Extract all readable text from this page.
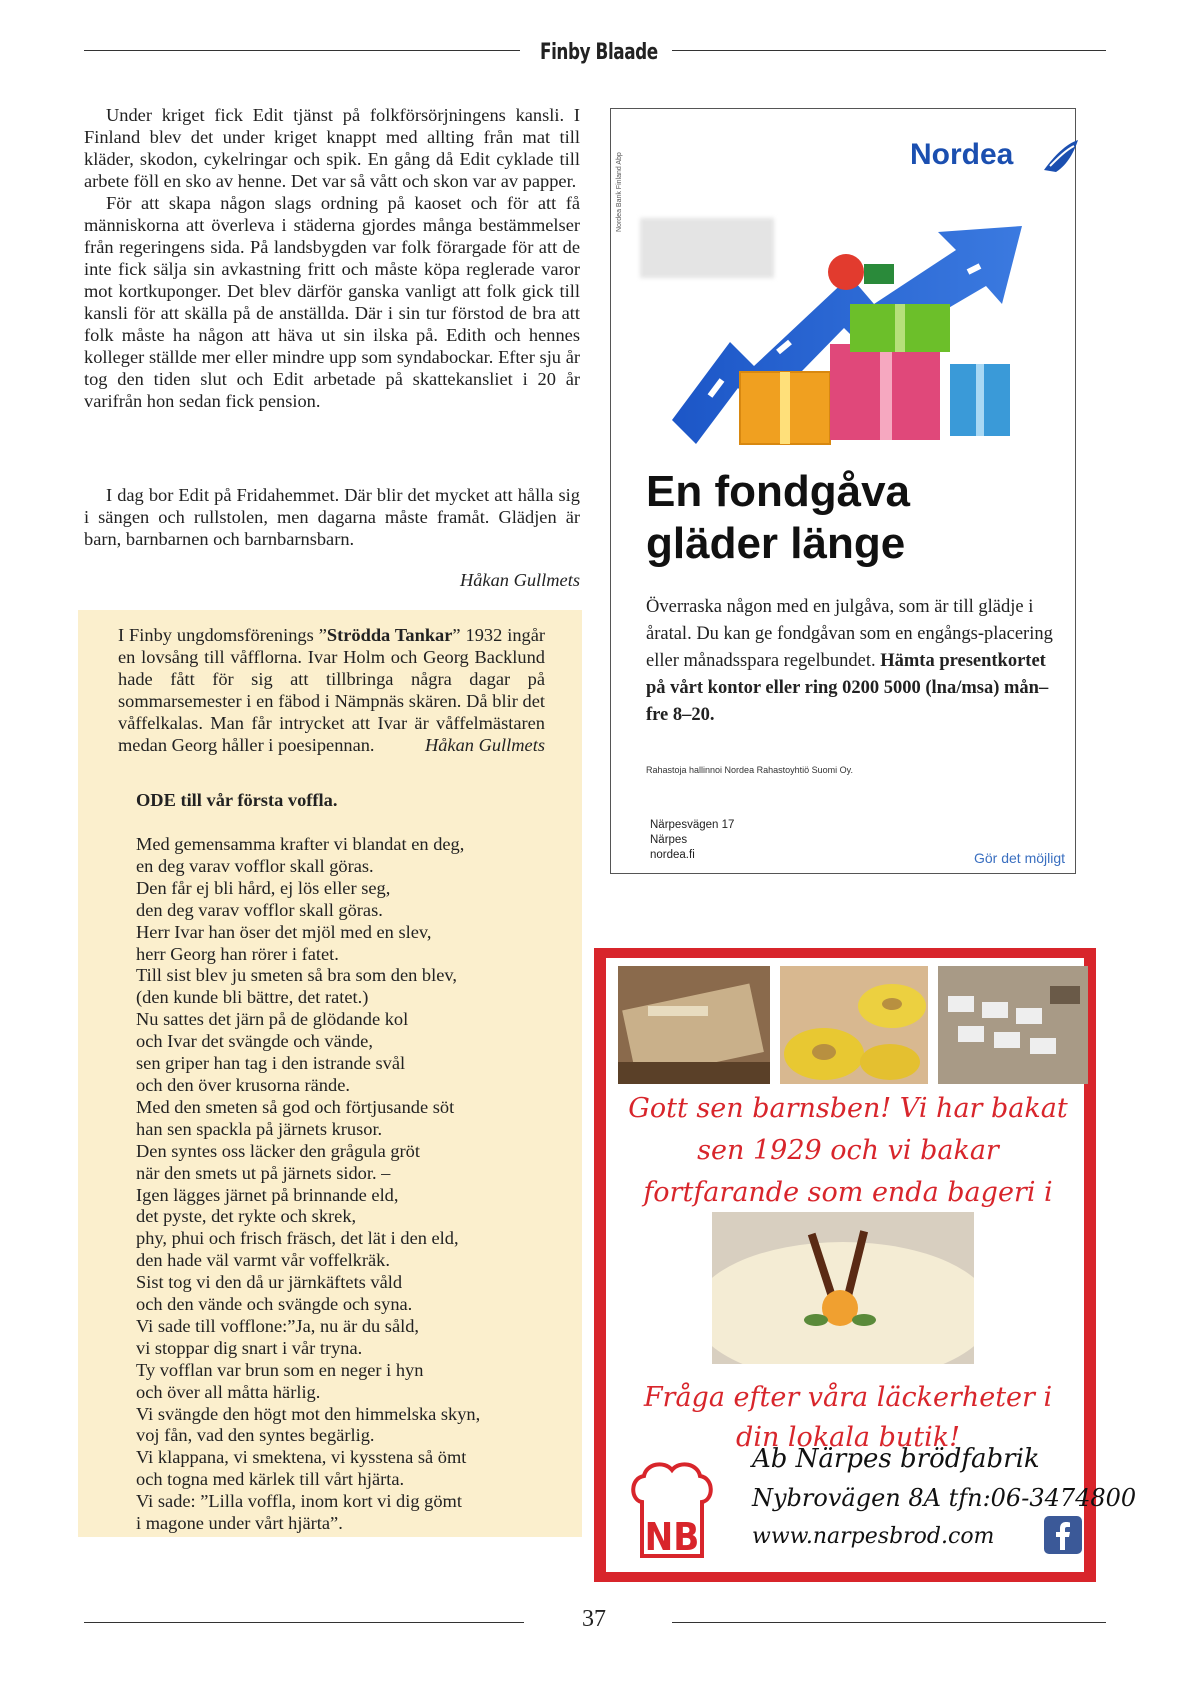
Finby Blaade

Under kriget fick Edit tjänst på folkförsörjningens kansli. I Finland blev det under kriget knappt med allting från mat till kläder, skodon, cykelringar och spik. En gång då Edit cyklade till arbete föll en sko av henne. Det var så vått och skon var av papper.

För att skapa någon slags ordning på kaoset och för att få människorna att överleva i städerna gjordes många bestämmelser från regeringens sida. På landsbygden var folk förargade för att de inte fick sälja sin avkastning fritt och måste köpa reglerade varor mot kortkuponger. Det blev därför ganska vanligt att folk gick till kansli för att skälla på de anställda. Där i sin tur förstod de bra att folk måste ha någon att häva ut sin ilska på. Edith och hennes kolleger ställde mer eller mindre upp som syndabockar. Efter sju år tog den tiden slut och Edit arbetade på skattekansliet i 20 år varifrån hon sedan fick pension.

I dag bor Edit på Fridahemmet. Där blir det mycket att hålla sig i sängen och rullstolen, men dagarna måste framåt. Glädjen är barn, barnbarnen och barnbarnsbarn.

Håkan Gullmets
I Finby ungdomsförenings ”Strödda Tankar” 1932 ingår en lovsång till våfflorna. Ivar Holm och Georg Backlund hade fått för sig att tillbringa några dagar på sommarsemester i en fäbod i Nämpnäs skären. Då blir det våffelkalas. Man får intrycket att Ivar är våffelmästaren medan Georg håller i poesipennan.	Håkan Gullmets
ODE till vår första voffla.
Med gemensamma krafter vi blandat en deg,
en deg varav vofflor skall göras.
Den får ej bli hård, ej lös eller seg,
den deg varav vofflor skall göras.
Herr Ivar han öser det mjöl med en slev,
herr Georg han rörer i fatet.
Till sist blev ju smeten så bra som den blev,
(den kunde bli bättre, det ratet.)
Nu sattes det järn på de glödande kol
och Ivar det svängde och vände,
sen griper han tag i den istrande svål
och den över krusorna rände.
Med den smeten så god och förtjusande söt
han sen spackla på järnets krusor.
Den syntes oss läcker den grågula gröt
när den smets ut på järnets sidor. –
Igen lägges järnet på brinnande eld,
det pyste, det rykte och skrek,
phy, phui och frisch fräsch, det lät i den eld,
den hade väl varmt vår voffelkräk.
Sist tog vi den då ur järnkäftets våld
och den vände och svängde och syna.
Vi sade till vofflone:”Ja, nu är du såld,
vi stoppar dig snart i vår tryna.
Ty vofflan var brun som en neger i hyn
och över all måtta härlig.
Vi svängde den högt mot den himmelska skyn,
voj fån, vad den syntes begärlig.
Vi klappana, vi smektena, vi kysstena så ömt
och togna med kärlek till vårt hjärta.
Vi sade: ”Lilla voffla, inom kort vi dig gömt
i magone under vårt hjärta”.
Nordea Bank Finland Abp	Nordea
En fondgåva
gläder länge
Överraska någon med en julgåva, som är till glädje i åratal. Du kan ge fondgåvan som en engångs-placering eller månadsspara regelbundet. Hämta presentkortet på vårt kontor eller ring 0200 5000 (lna/msa) mån–fre 8–20.
Rahastoja hallinnoi Nordea Rahastoyhtiö Suomi Oy.
Närpesvägen 17
Närpes
nordea.fi	Gör det möjligt
Gott sen barnsben! Vi har bakat sen 1929 och vi bakar fortfarande som enda bageri i
Fråga efter våra läckerheter i din lokala butik!
NB
Ab Närpes brödfabrik
Nybrovägen 8A tfn:06-3474800
www.narpesbrod.com
37
